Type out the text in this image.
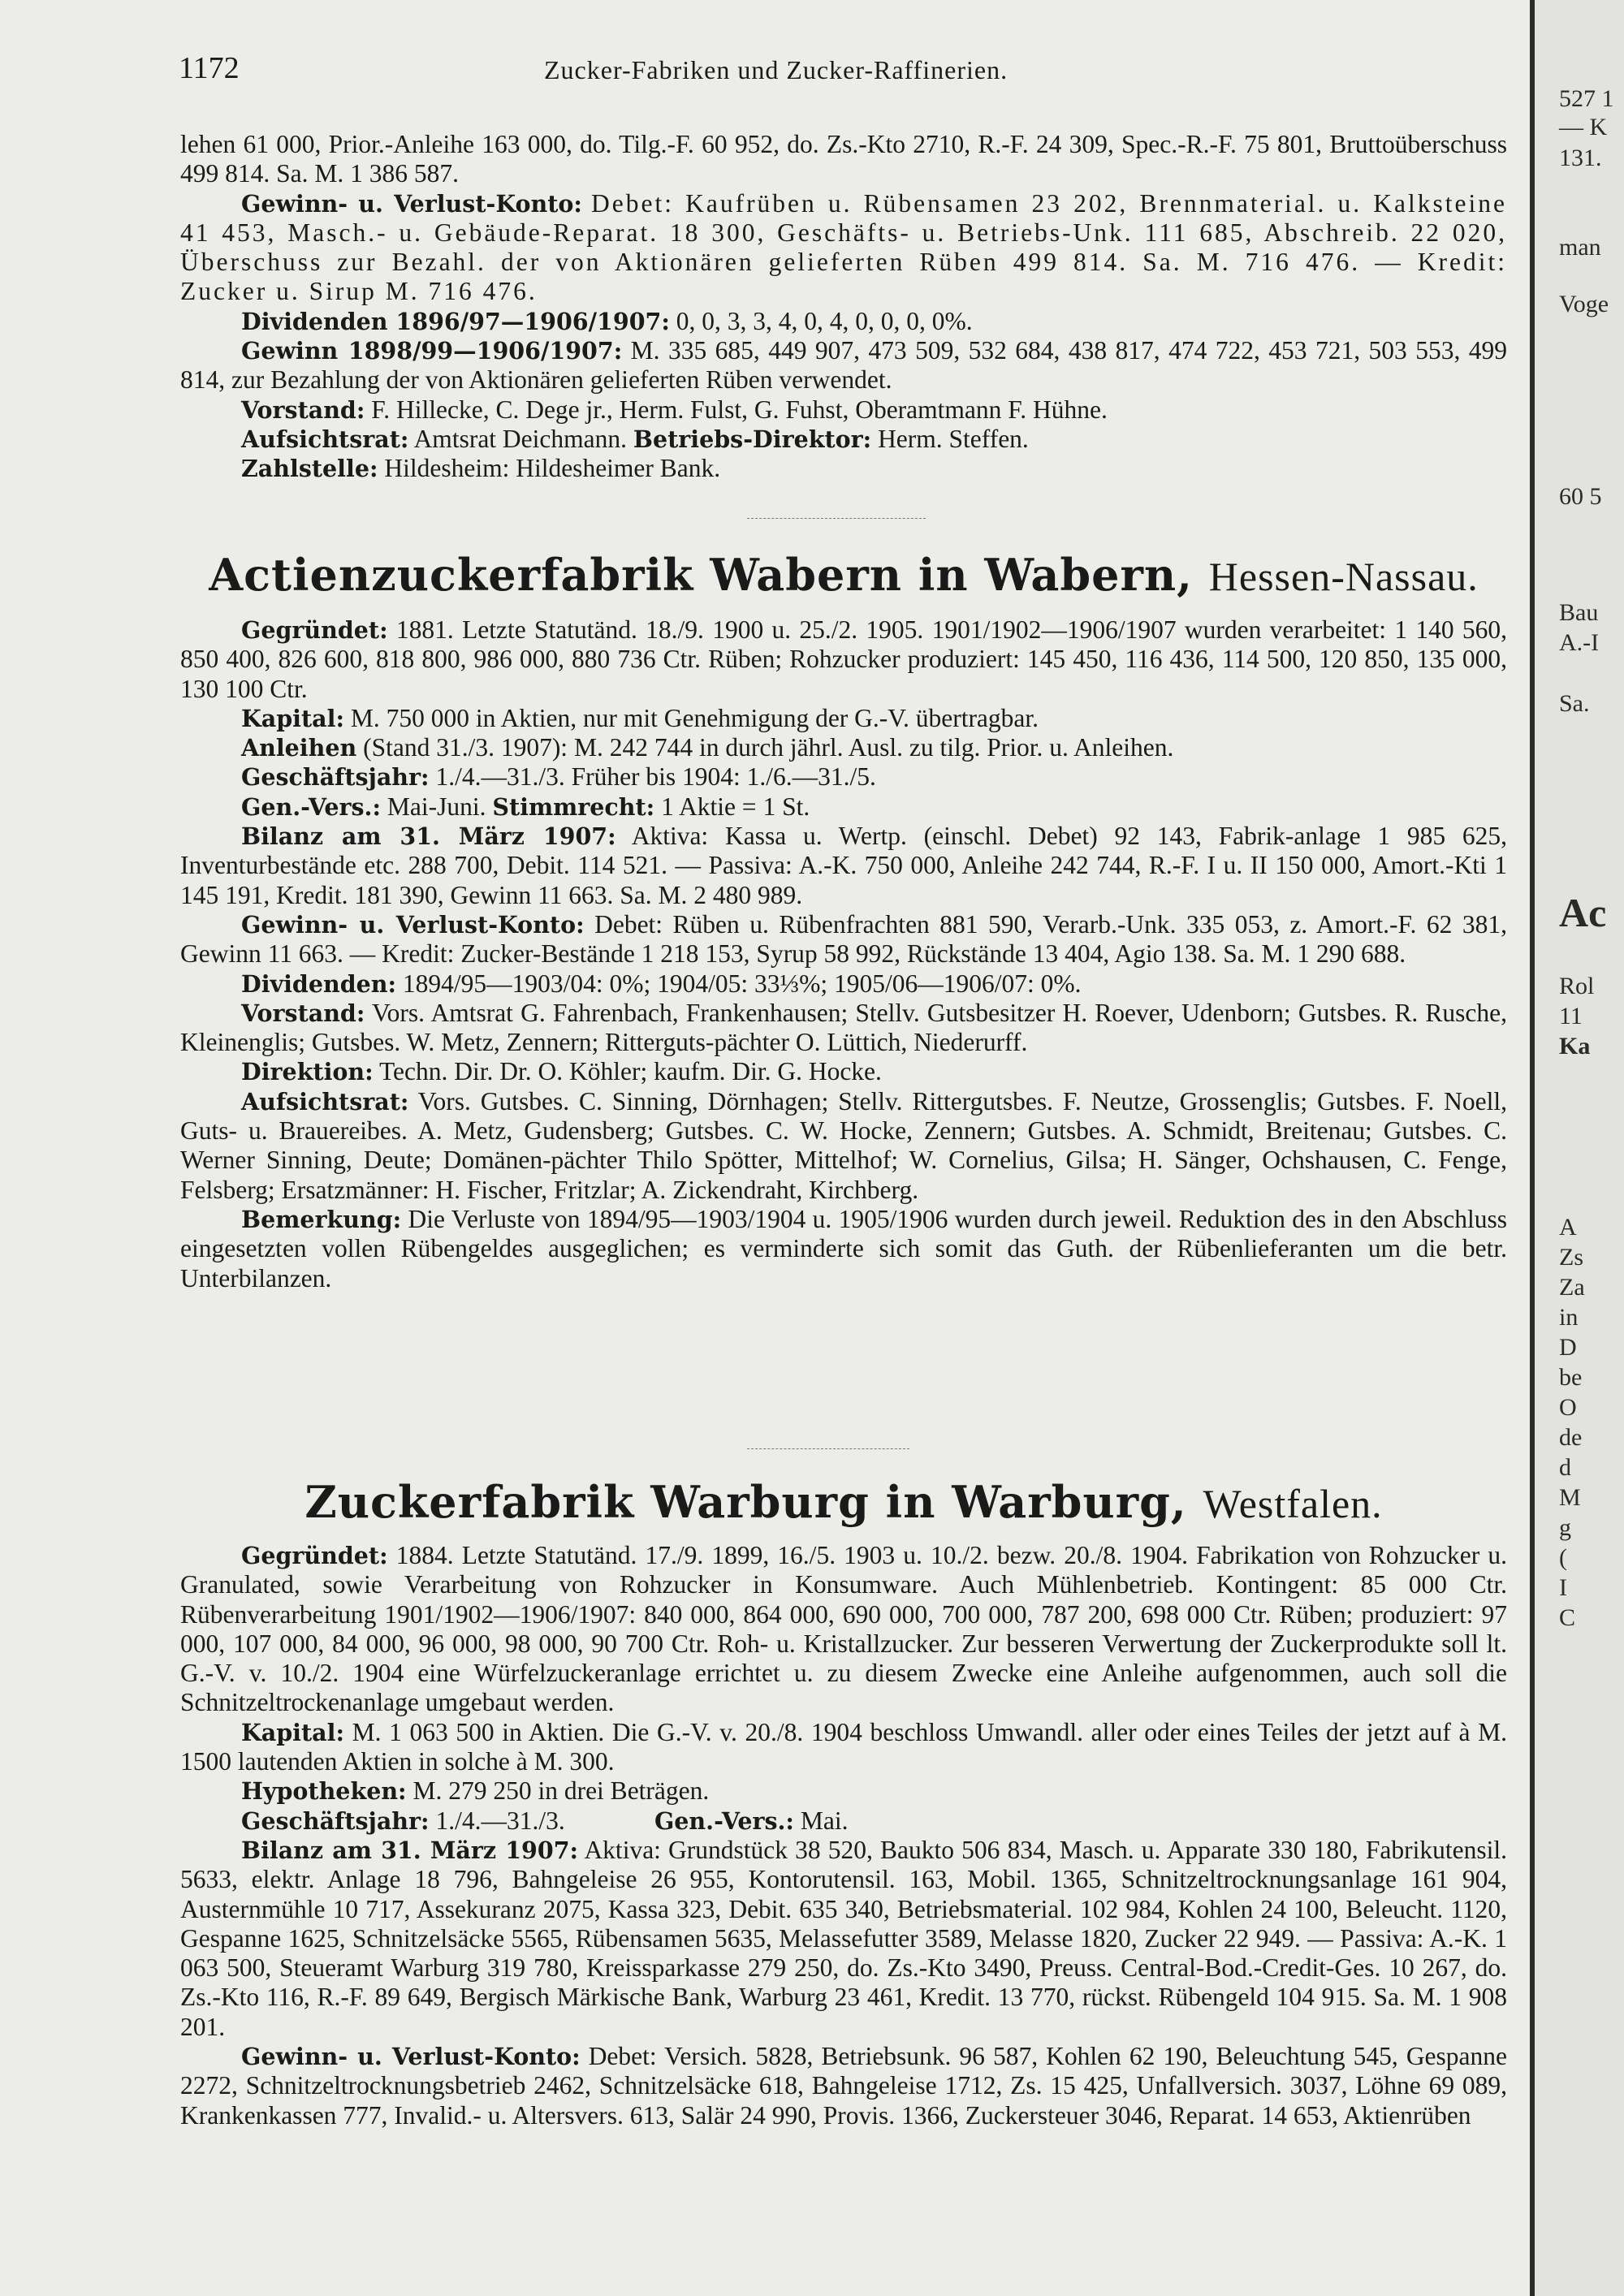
1172	Zucker-Fabriken und Zucker-Raffinerien.

lehen 61 000, Prior.-Anleihe 163 000, do. Tilg.-F. 60 952, do. Zs.-Kto 2710, R.-F. 24 309, Spec.-R.-F. 75 801, Bruttoüberschuss 499 814. Sa. M. 1 386 587.

Gewinn- u. Verlust-Konto: Debet: Kaufrüben u. Rübensamen 23 202, Brennmaterial. u. Kalksteine 41 453, Masch.- u. Gebäude-Reparat. 18 300, Geschäfts- u. Betriebs-Unk. 111 685, Abschreib. 22 020, Überschuss zur Bezahl. der von Aktionären gelieferten Rüben 499 814. Sa. M. 716 476. — Kredit: Zucker u. Sirup M. 716 476.

Dividenden 1896/97—1906/1907: 0, 0, 3, 3, 4, 0, 4, 0, 0, 0, 0%.

Gewinn 1898/99—1906/1907: M. 335 685, 449 907, 473 509, 532 684, 438 817, 474 722, 453 721, 503 553, 499 814, zur Bezahlung der von Aktionären gelieferten Rüben verwendet.

Vorstand: F. Hillecke, C. Dege jr., Herm. Fulst, G. Fuhst, Oberamtmann F. Hühne.

Aufsichtsrat: Amtsrat Deichmann. Betriebs-Direktor: Herm. Steffen.

Zahlstelle: Hildesheim: Hildesheimer Bank.

Actienzuckerfabrik Wabern in Wabern, Hessen-Nassau.

Gegründet: 1881. Letzte Statutänd. 18./9. 1900 u. 25./2. 1905. 1901/1902—1906/1907 wurden verarbeitet: 1 140 560, 850 400, 826 600, 818 800, 986 000, 880 736 Ctr. Rüben; Rohzucker produziert: 145 450, 116 436, 114 500, 120 850, 135 000, 130 100 Ctr.

Kapital: M. 750 000 in Aktien, nur mit Genehmigung der G.-V. übertragbar.

Anleihen (Stand 31./3. 1907): M. 242 744 in durch jährl. Ausl. zu tilg. Prior. u. Anleihen.

Geschäftsjahr: 1./4.—31./3. Früher bis 1904: 1./6.—31./5.

Gen.-Vers.: Mai-Juni. Stimmrecht: 1 Aktie = 1 St.

Bilanz am 31. März 1907: Aktiva: Kassa u. Wertp. (einschl. Debet) 92 143, Fabrik-anlage 1 985 625, Inventurbestände etc. 288 700, Debit. 114 521. — Passiva: A.-K. 750 000, Anleihe 242 744, R.-F. I u. II 150 000, Amort.-Kti 1 145 191, Kredit. 181 390, Gewinn 11 663. Sa. M. 2 480 989.

Gewinn- u. Verlust-Konto: Debet: Rüben u. Rübenfrachten 881 590, Verarb.-Unk. 335 053, z. Amort.-F. 62 381, Gewinn 11 663. — Kredit: Zucker-Bestände 1 218 153, Syrup 58 992, Rückstände 13 404, Agio 138. Sa. M. 1 290 688.

Dividenden: 1894/95—1903/04: 0%; 1904/05: 33⅓%; 1905/06—1906/07: 0%.

Vorstand: Vors. Amtsrat G. Fahrenbach, Frankenhausen; Stellv. Gutsbesitzer H. Roever, Udenborn; Gutsbes. R. Rusche, Kleinenglis; Gutsbes. W. Metz, Zennern; Ritterguts-pächter O. Lüttich, Niederurff.

Direktion: Techn. Dir. Dr. O. Köhler; kaufm. Dir. G. Hocke.

Aufsichtsrat: Vors. Gutsbes. C. Sinning, Dörnhagen; Stellv. Rittergutsbes. F. Neutze, Grossenglis; Gutsbes. F. Noell, Guts- u. Brauereibes. A. Metz, Gudensberg; Gutsbes. C. W. Hocke, Zennern; Gutsbes. A. Schmidt, Breitenau; Gutsbes. C. Werner Sinning, Deute; Domänen-pächter Thilo Spötter, Mittelhof; W. Cornelius, Gilsa; H. Sänger, Ochshausen, C. Fenge, Felsberg; Ersatzmänner: H. Fischer, Fritzlar; A. Zickendraht, Kirchberg.

Bemerkung: Die Verluste von 1894/95—1903/1904 u. 1905/1906 wurden durch jeweil. Reduktion des in den Abschluss eingesetzten vollen Rübengeldes ausgeglichen; es verminderte sich somit das Guth. der Rübenlieferanten um die betr. Unterbilanzen.

Zuckerfabrik Warburg in Warburg, Westfalen.

Gegründet: 1884. Letzte Statutänd. 17./9. 1899, 16./5. 1903 u. 10./2. bezw. 20./8. 1904. Fabrikation von Rohzucker u. Granulated, sowie Verarbeitung von Rohzucker in Konsumware. Auch Mühlenbetrieb. Kontingent: 85 000 Ctr. Rübenverarbeitung 1901/1902—1906/1907: 840 000, 864 000, 690 000, 700 000, 787 200, 698 000 Ctr. Rüben; produziert: 97 000, 107 000, 84 000, 96 000, 98 000, 90 700 Ctr. Roh- u. Kristallzucker. Zur besseren Verwertung der Zuckerprodukte soll lt. G.-V. v. 10./2. 1904 eine Würfelzuckeranlage errichtet u. zu diesem Zwecke eine Anleihe aufgenommen, auch soll die Schnitzeltrockenanlage umgebaut werden.

Kapital: M. 1 063 500 in Aktien. Die G.-V. v. 20./8. 1904 beschloss Umwandl. aller oder eines Teiles der jetzt auf à M. 1500 lautenden Aktien in solche à M. 300.

Hypotheken: M. 279 250 in drei Beträgen.

Geschäftsjahr: 1./4.—31./3.	Gen.-Vers.: Mai.

Bilanz am 31. März 1907: Aktiva: Grundstück 38 520, Baukto 506 834, Masch. u. Apparate 330 180, Fabrikutensil. 5633, elektr. Anlage 18 796, Bahngeleise 26 955, Kontorutensil. 163, Mobil. 1365, Schnitzeltrocknungsanlage 161 904, Austernmühle 10 717, Assekuranz 2075, Kassa 323, Debit. 635 340, Betriebsmaterial. 102 984, Kohlen 24 100, Beleucht. 1120, Gespanne 1625, Schnitzelsäcke 5565, Rübensamen 5635, Melassefutter 3589, Melasse 1820, Zucker 22 949. — Passiva: A.-K. 1 063 500, Steueramt Warburg 319 780, Kreissparkasse 279 250, do. Zs.-Kto 3490, Preuss. Central-Bod.-Credit-Ges. 10 267, do. Zs.-Kto 116, R.-F. 89 649, Bergisch Märkische Bank, Warburg 23 461, Kredit. 13 770, rückst. Rübengeld 104 915. Sa. M. 1 908 201.

Gewinn- u. Verlust-Konto: Debet: Versich. 5828, Betriebsunk. 96 587, Kohlen 62 190, Beleuchtung 545, Gespanne 2272, Schnitzeltrocknungsbetrieb 2462, Schnitzelsäcke 618, Bahngeleise 1712, Zs. 15 425, Unfallversich. 3037, Löhne 69 089, Krankenkassen 777, Invalid.- u. Altersvers. 613, Salär 24 990, Provis. 1366, Zuckersteuer 3046, Reparat. 14 653, Aktienrüben

527 1
— K
131.
man
Voge
60 5
Bau
A.-I
Sa.
Ac
Rol
11
Ka
A
Zs
Za
in
D
be
O
de
d
M
g
(
I
C
